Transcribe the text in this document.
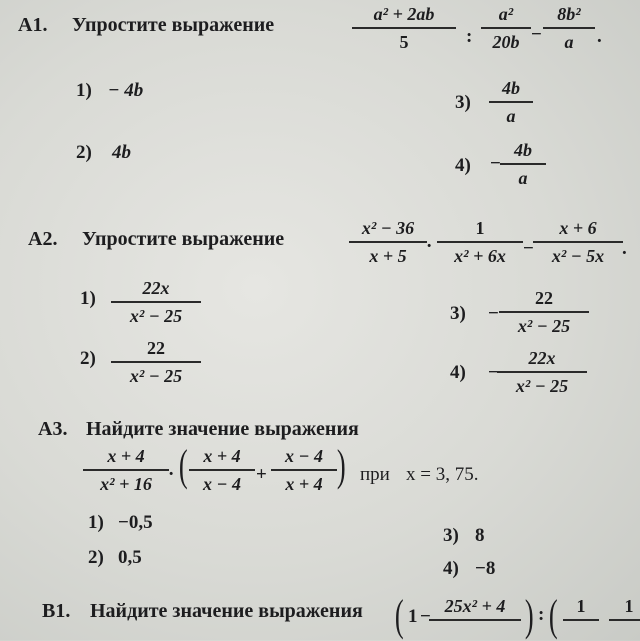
A1. Упростите выражение	$\frac{\text{a² + 2ab}}{5}$ : $\frac{\text{a²}}{20b} - \frac{\text{8b²}}{a}$ .
1) − 4b
2) 4b
$3) \frac{4b}{a}$
$4) - \frac{4b}{a}$
A2. Упростите выражение	$\frac{\text{x² − 36}}{x + 5} \cdot \frac{1}{\text{x² + 6x}} - \frac{x + 6}{\text{x² − 5x}}$ .
$1) \frac{22x}{\text{x² − 25}}$
$2) \frac{22}{\text{x² − 25}}$
$3) - \frac{22}{\text{x² − 25}}$
$4) - \frac{22x}{\text{x² − 25}}$
A3. Найдите значение выражения
$\frac{x + 4}{\text{x² + 16}}$ · ( $\frac{x + 4}{x - 4} + \frac{x - 4}{x + 4}$ ) при x = 3, 75.
1) −0,5
2) 0,5
3) 8
4) −8
B1. Найдите значение выражения ( 1 − 25x² + 4 ) : (	1	1
